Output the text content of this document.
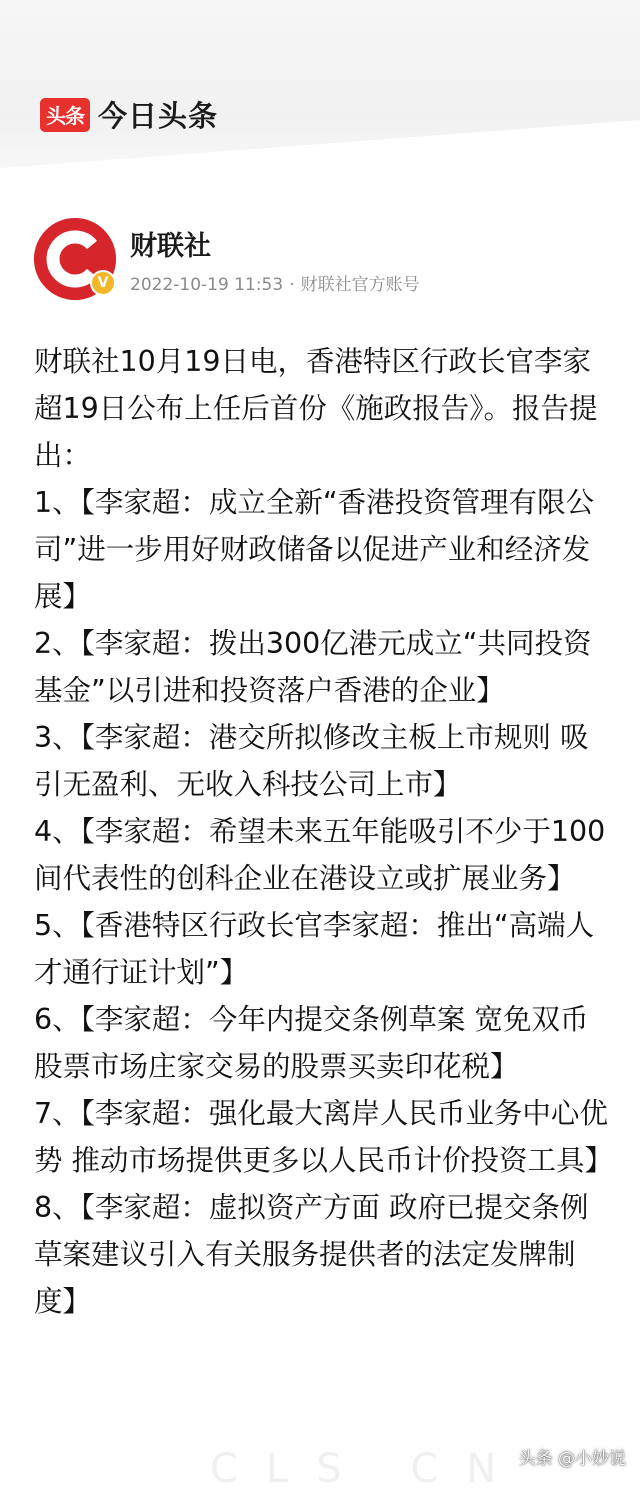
头条 今日头条
V
财联社
2022-10-19 11:53 · 财联社官方账号

财联社10月19日电，香港特区行政长官李家超19日公布上任后首份《施政报告》。报告提出：

1、【李家超：成立全新“香港投资管理有限公司”进一步用好财政储备以促进产业和经济发展】

2、【李家超：拨出300亿港元成立“共同投资基金”以引进和投资落户香港的企业】

3、【李家超：港交所拟修改主板上市规则 吸引无盈利、无收入科技公司上市】

4、【李家超：希望未来五年能吸引不少于100间代表性的创科企业在港设立或扩展业务】

5、【香港特区行政长官李家超：推出“高端人才通行证计划”】

6、【李家超：今年内提交条例草案 宽免双币股票市场庄家交易的股票买卖印花税】

7、【李家超：强化最大离岸人民币业务中心优势 推动市场提供更多以人民币计价投资工具】

8、【李家超：虚拟资产方面 政府已提交条例草案建议引入有关服务提供者的法定发牌制度】

CLS CN
头条 @小妙说
